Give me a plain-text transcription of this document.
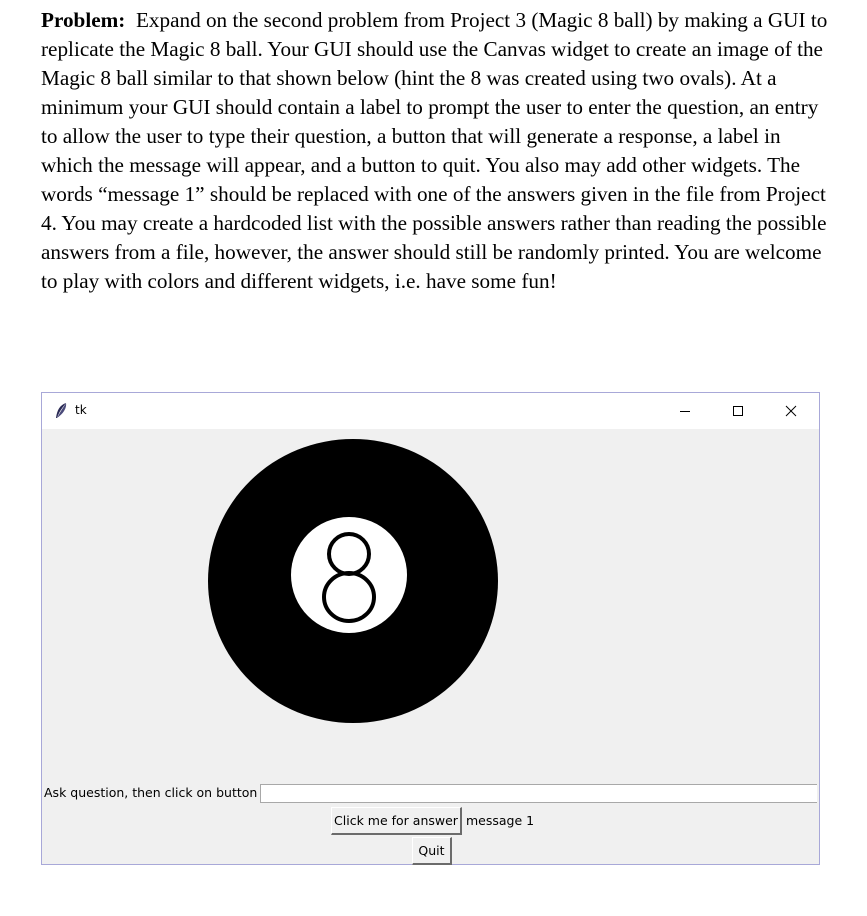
Problem: Expand on the second problem from Project 3 (Magic 8 ball) by making a GUI to replicate the Magic 8 ball. Your GUI should use the Canvas widget to create an image of the Magic 8 ball similar to that shown below (hint the 8 was created using two ovals). At a minimum your GUI should contain a label to prompt the user to enter the question, an entry to allow the user to type their question, a button that will generate a response, a label in which the message will appear, and a button to quit. You also may add other widgets. The words “message 1” should be replaced with one of the answers given in the file from Project 4. You may create a hardcoded list with the possible answers rather than reading the possible answers from a file, however, the answer should still be randomly printed. You are welcome to play with colors and different widgets, i.e. have some fun!
tk
Ask question, then click on button
Click me for answer message 1
Quit
